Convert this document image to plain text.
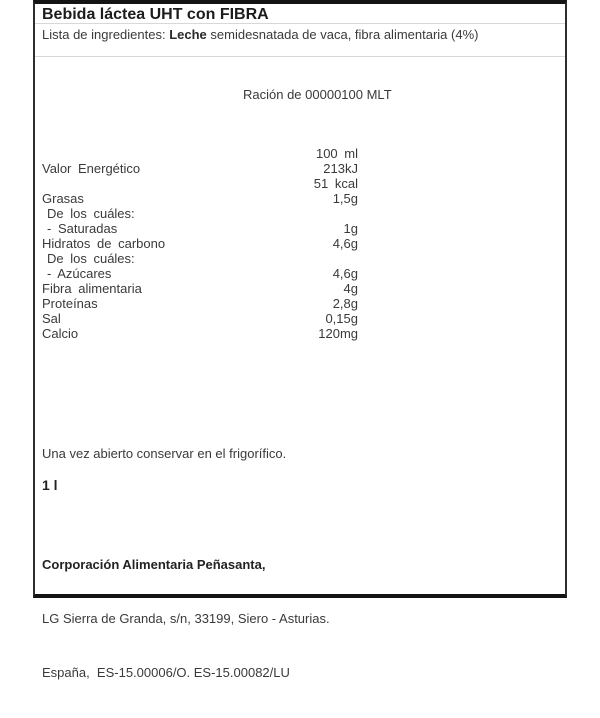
Bebida láctea UHT con FIBRA
Lista de ingredientes: Leche semidesnatada de vaca, fibra alimentaria (4%)
Ración de 00000100 MLT
100 ml
Valor Energético	213kJ
51 kcal
Grasas	1,5g
De los cuáles:
- Saturadas	1g
Hidratos de carbono	4,6g
De los cuáles:
- Azúcares	4,6g
Fibra alimentaria	4g
Proteínas	2,8g
Sal	0,15g
Calcio	120mg
Una vez abierto conservar en el frigorífico.
1 l

Corporación Alimentaria Peñasanta,

LG Sierra de Granda, s/n, 33199, Siero - Asturias.

España,  ES-15.00006/O. ES-15.00082/LU
